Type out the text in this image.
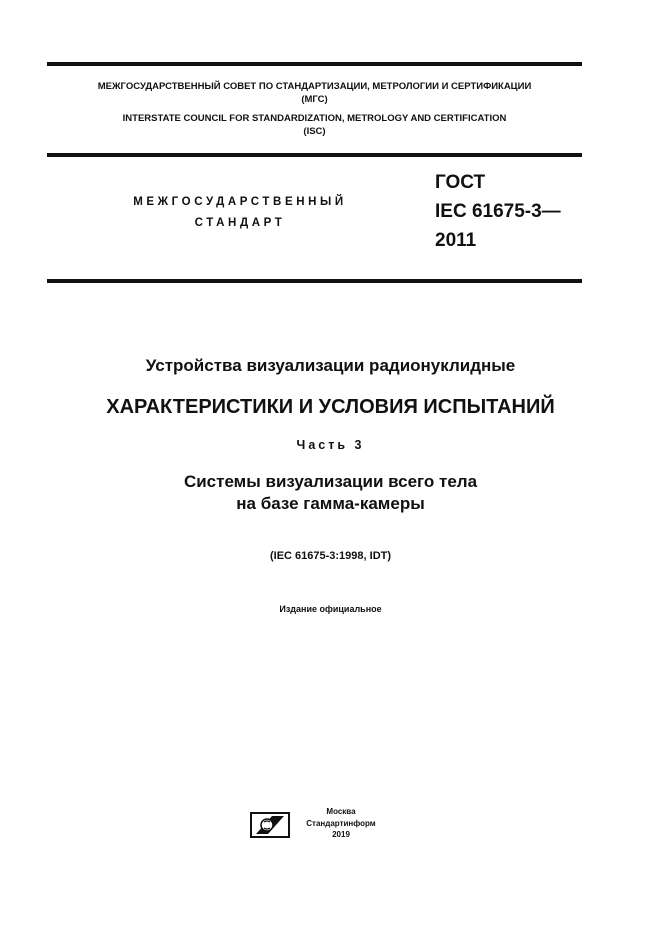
МЕЖГОСУДАРСТВЕННЫЙ СОВЕТ ПО СТАНДАРТИЗАЦИИ, МЕТРОЛОГИИ И СЕРТИФИКАЦИИ
(МГС)
INTERSTATE COUNCIL FOR STANDARDIZATION, METROLOGY AND CERTIFICATION
(ISC)
МЕЖГОСУДАРСТВЕННЫЙ
СТАНДАРТ
ГОСТ
IEC 61675-3—
2011
Устройства визуализации радионуклидные
ХАРАКТЕРИСТИКИ И УСЛОВИЯ ИСПЫТАНИЙ
Часть 3
Системы визуализации всего тела
на базе гамма-камеры
(IEC 61675-3:1998, IDT)
Издание официальное
Москва
Стандартинформ
2019
